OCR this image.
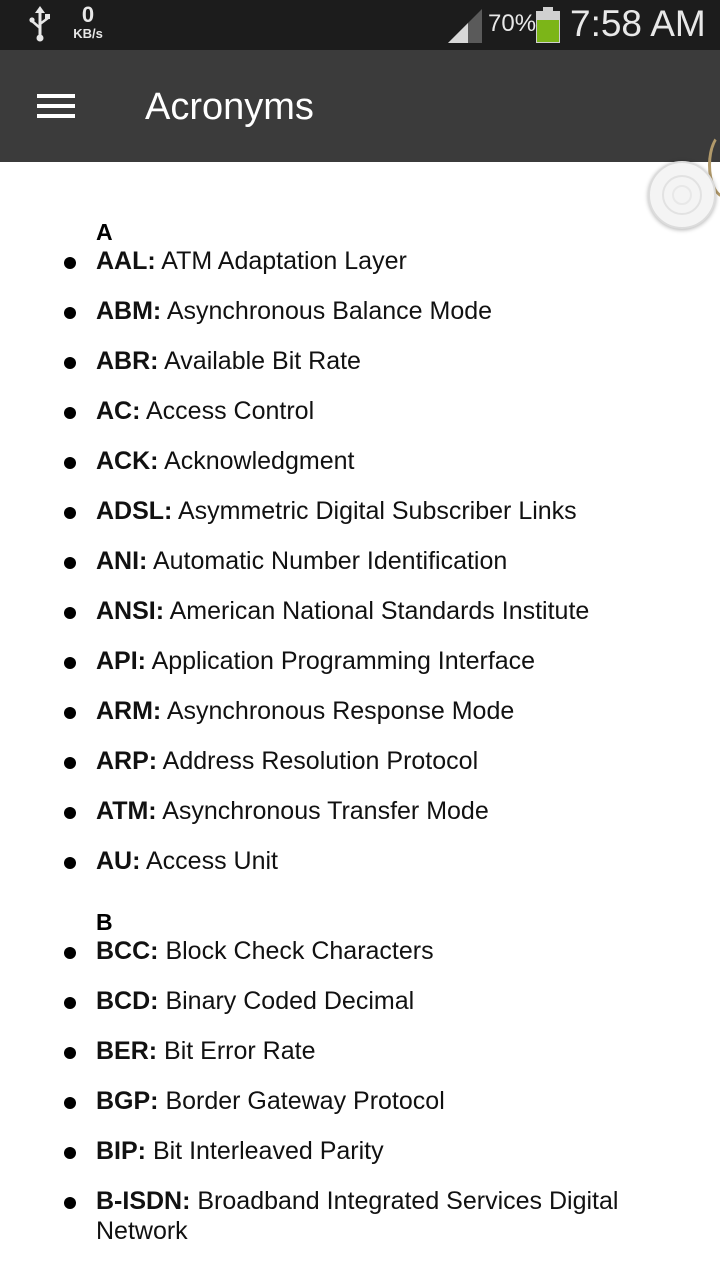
0
KB/s	70% 7:58 AM
Acronyms
A
AAL: ATM Adaptation Layer
ABM: Asynchronous Balance Mode
ABR: Available Bit Rate
AC: Access Control
ACK: Acknowledgment
ADSL: Asymmetric Digital Subscriber Links
ANI: Automatic Number Identification
ANSI: American National Standards Institute
API: Application Programming Interface
ARM: Asynchronous Response Mode
ARP: Address Resolution Protocol
ATM: Asynchronous Transfer Mode
AU: Access Unit
B
BCC: Block Check Characters
BCD: Binary Coded Decimal
BER: Bit Error Rate
BGP: Border Gateway Protocol
BIP: Bit Interleaved Parity
B-ISDN: Broadband Integrated Services Digital Network
